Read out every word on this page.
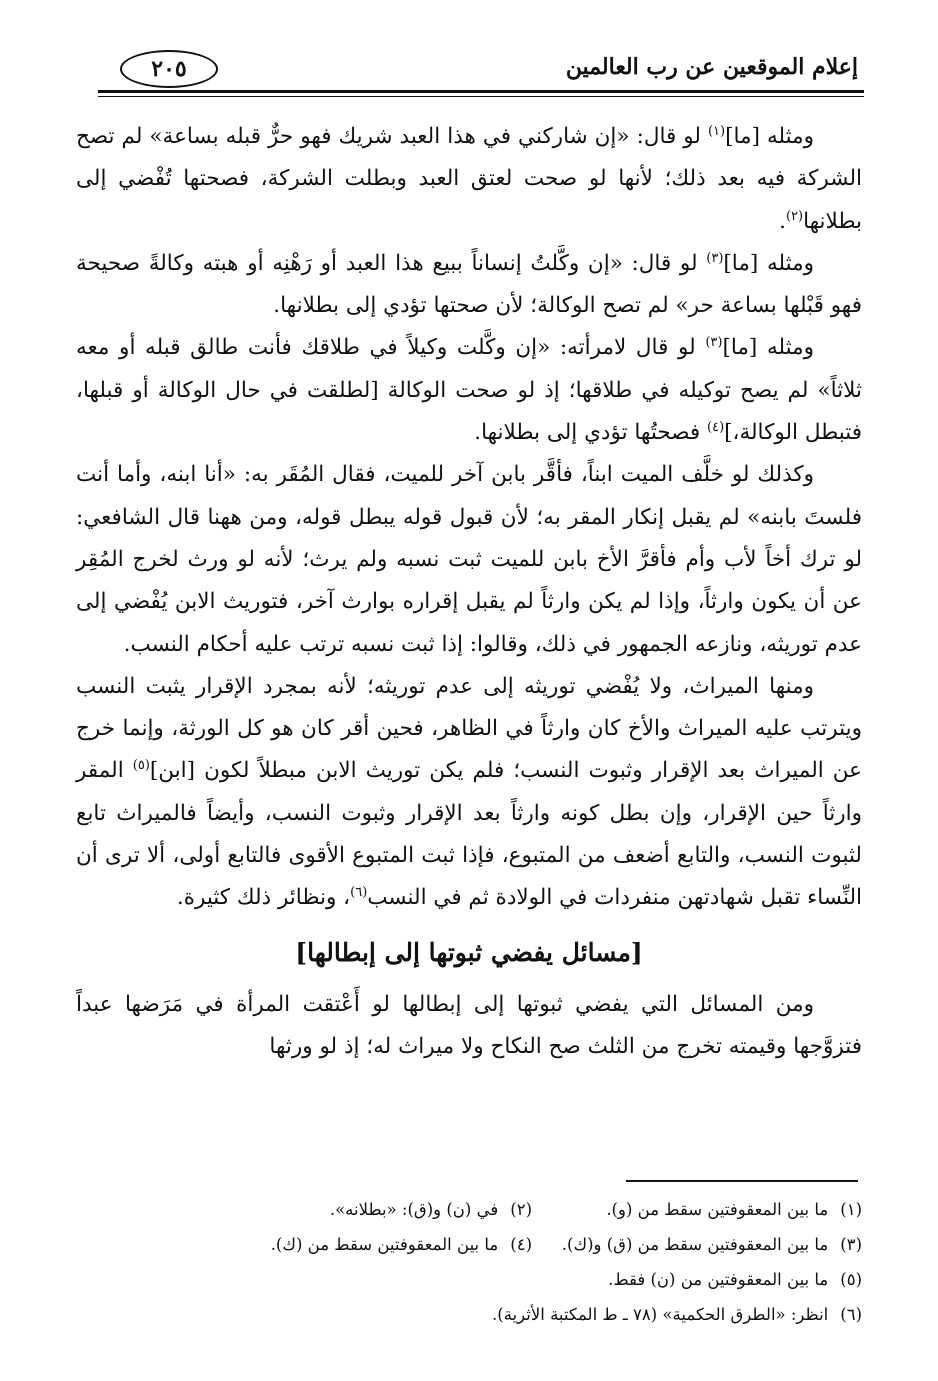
٢٠٥	إعلام الموقعين عن رب العالمين

ومثله [ما]$^{(١)}$ لو قال: «إن شاركني في هذا العبد شريك فهو حرٌّ قبله بساعة» لم تصح الشركة فيه بعد ذلك؛ لأنها لو صحت لعتق العبد وبطلت الشركة، فصحتها تُفْضي إلى بطلانها$^{(٢)}$.

ومثله [ما]$^{(٣)}$ لو قال: «إن وكَّلتُ إنساناً ببيع هذا العبد أو رَهْنِه أو هبته وكالةً صحيحة فهو قَبْلها بساعة حر» لم تصح الوكالة؛ لأن صحتها تؤدي إلى بطلانها.

ومثله [ما]$^{(٣)}$ لو قال لامرأته: «إن وكَّلت وكيلاً في طلاقك فأنت طالق قبله أو معه ثلاثاً» لم يصح توكيله في طلاقها؛ إذ لو صحت الوكالة [لطلقت في حال الوكالة أو قبلها، فتبطل الوكالة،]$^{(٤)}$ فصحتُها تؤدي إلى بطلانها.

وكذلك لو خلَّف الميت ابناً، فأقَّر بابن آخر للميت، فقال المُقَر به: «أنا ابنه، وأما أنت فلستَ بابنه» لم يقبل إنكار المقر به؛ لأن قبول قوله يبطل قوله، ومن ههنا قال الشافعي: لو ترك أخاً لأب وأم فأقرَّ الأخ بابن للميت ثبت نسبه ولم يرث؛ لأنه لو ورث لخرج المُقِر عن أن يكون وارثاً، وإذا لم يكن وارثاً لم يقبل إقراره بوارث آخر، فتوريث الابن يُفْضي إلى عدم توريثه، ونازعه الجمهور في ذلك، وقالوا: إذا ثبت نسبه ترتب عليه أحكام النسب.

ومنها الميراث، ولا يُفْضي توريثه إلى عدم توريثه؛ لأنه بمجرد الإقرار يثبت النسب ويترتب عليه الميراث والأخ كان وارثاً في الظاهر، فحين أقر كان هو كل الورثة، وإنما خرج عن الميراث بعد الإقرار وثبوت النسب؛ فلم يكن توريث الابن مبطلاً لكون [ابن]$^{(٥)}$ المقر وارثاً حين الإقرار، وإن بطل كونه وارثاً بعد الإقرار وثبوت النسب، وأيضاً فالميراث تابع لثبوت النسب، والتابع أضعف من المتبوع، فإذا ثبت المتبوع الأقوى فالتابع أولى، ألا ترى أن النِّساء تقبل شهادتهن منفردات في الولادة ثم في النسب$^{(٦)}$، ونظائر ذلك كثيرة.

[مسائل يفضي ثبوتها إلى إبطالها]

ومن المسائل التي يفضي ثبوتها إلى إبطالها لو أَعْتقت المرأة في مَرَضها عبداً فتزوَّجها وقيمته تخرج من الثلث صح النكاح ولا ميراث له؛ إذ لو ورثها

(١)
ما بين المعقوفتين سقط من (و).
(٢)
في (ن) و(ق): «بطلانه».
(٣)
ما بين المعقوفتين سقط من (ق) و(ك).
(٤)
ما بين المعقوفتين سقط من (ك).
(٥)
ما بين المعقوفتين من (ن) فقط.
(٦)
انظر: «الطرق الحكمية» (٧٨ ـ ط المكتبة الأثرية).
